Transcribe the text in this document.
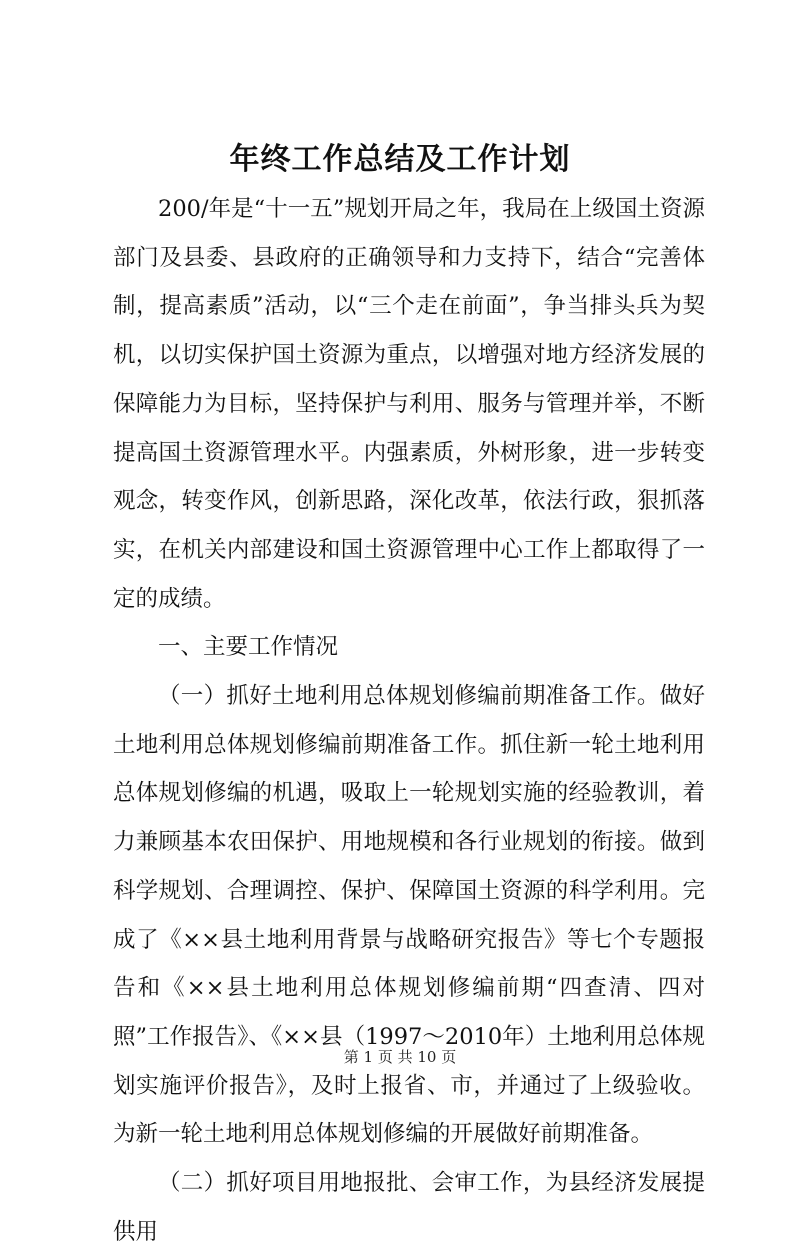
年终工作总结及工作计划

200/年是“十一五”规划开局之年，我局在上级国土资源部门及县委、县政府的正确领导和力支持下，结合“完善体制，提高素质”活动，以“三个走在前面”，争当排头兵为契机，以切实保护国土资源为重点，以增强对地方经济发展的保障能力为目标，坚持保护与利用、服务与管理并举，不断提高国土资源管理水平。内强素质，外树形象，进一步转变观念，转变作风，创新思路，深化改革，依法行政，狠抓落实，在机关内部建设和国土资源管理中心工作上都取得了一定的成绩。

一、主要工作情况

（一）抓好土地利用总体规划修编前期准备工作。做好土地利用总体规划修编前期准备工作。抓住新一轮土地利用总体规划修编的机遇，吸取上一轮规划实施的经验教训，着力兼顾基本农田保护、用地规模和各行业规划的衔接。做到科学规划、合理调控、保护、保障国土资源的科学利用。完成了《××县土地利用背景与战略研究报告》等七个专题报告和《××县土地利用总体规划修编前期“四查清、四对照”工作报告》、《××县（1997～2010年）土地利用总体规划实施评价报告》，及时上报省、市，并通过了上级验收。为新一轮土地利用总体规划修编的开展做好前期准备。

（二）抓好项目用地报批、会审工作，为县经济发展提供用

第 1 页 共 10 页
